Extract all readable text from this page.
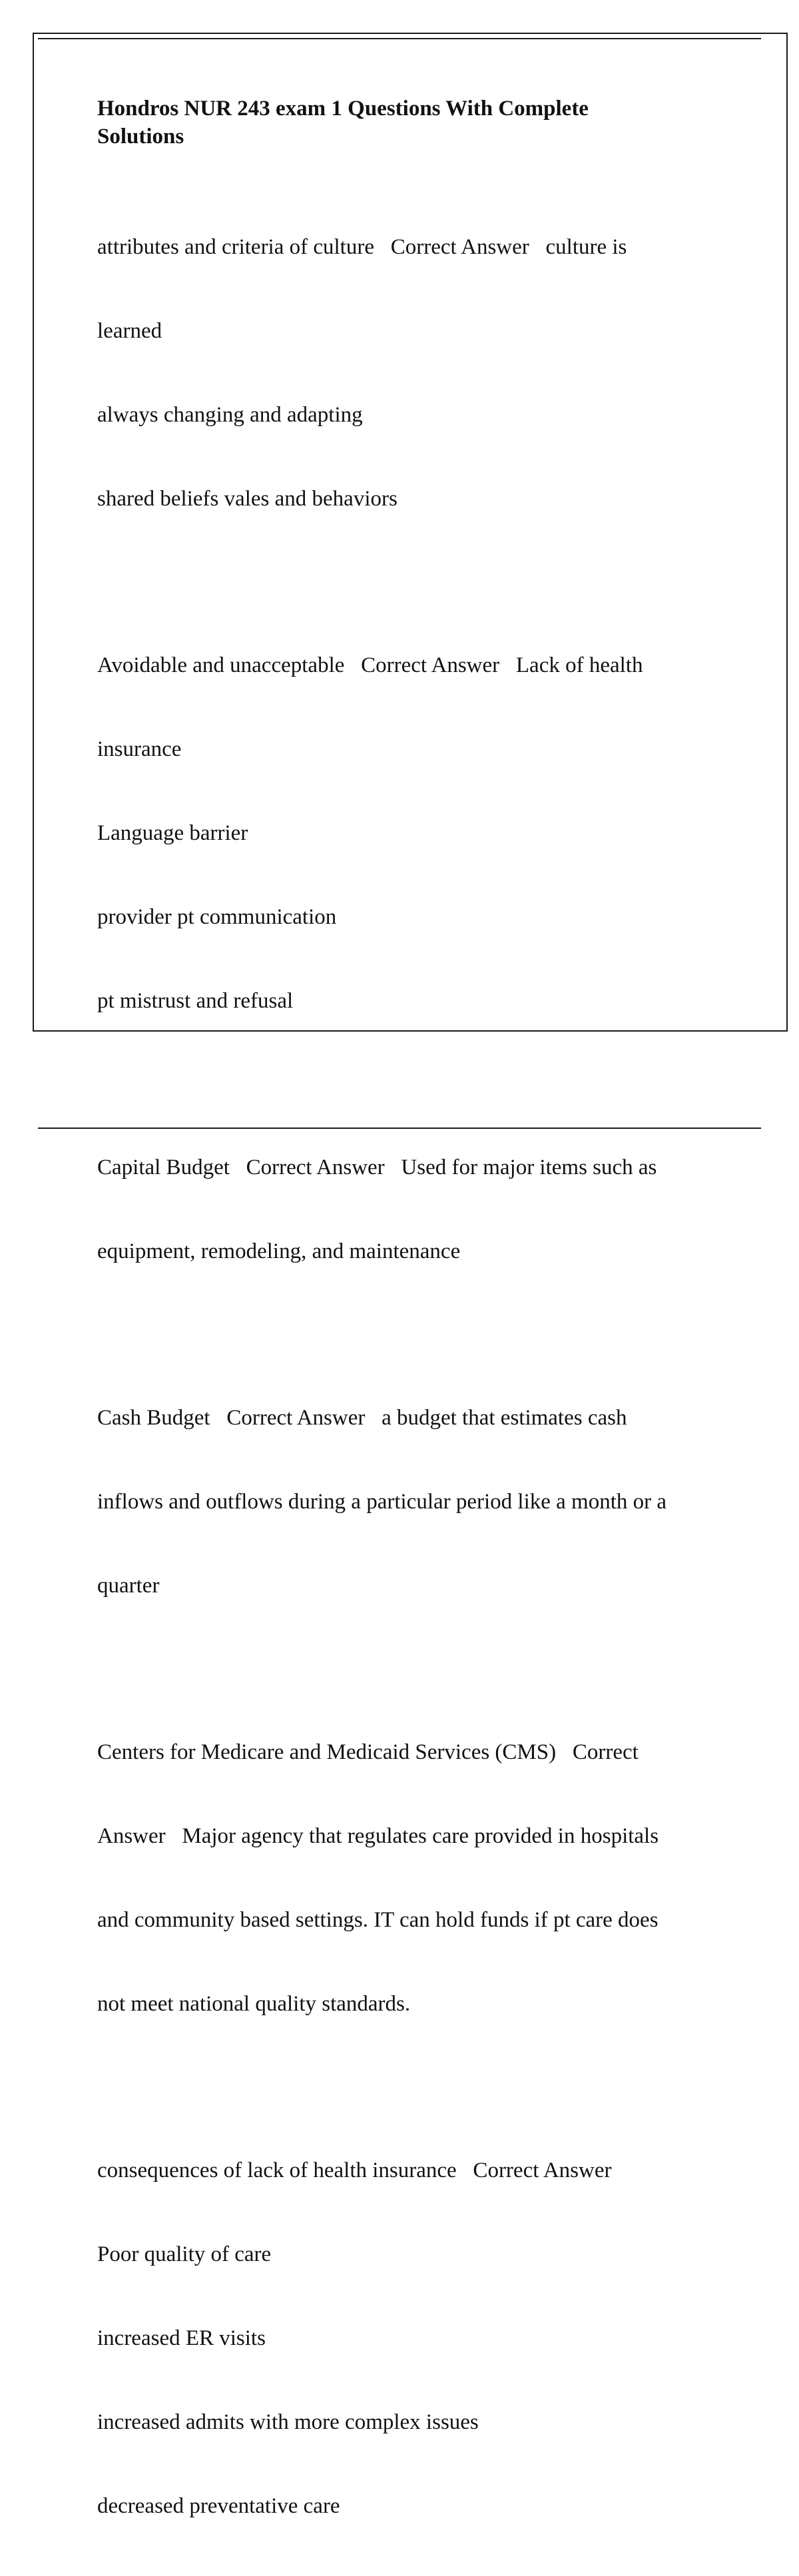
Hondros NUR 243 exam 1 Questions With Complete
Solutions

attributes and criteria of culture   Correct Answer   culture is

learned

always changing and adapting

shared beliefs vales and behaviors

Avoidable and unacceptable   Correct Answer   Lack of health

insurance

Language barrier

provider pt communication

pt mistrust and refusal

Capital Budget   Correct Answer   Used for major items such as

equipment, remodeling, and maintenance

Cash Budget   Correct Answer   a budget that estimates cash

inflows and outflows during a particular period like a month or a

quarter

Centers for Medicare and Medicaid Services (CMS)   Correct

Answer   Major agency that regulates care provided in hospitals

and community based settings. IT can hold funds if pt care does

not meet national quality standards.

consequences of lack of health insurance   Correct Answer

Poor quality of care

increased ER visits

increased admits with more complex issues

decreased preventative care
